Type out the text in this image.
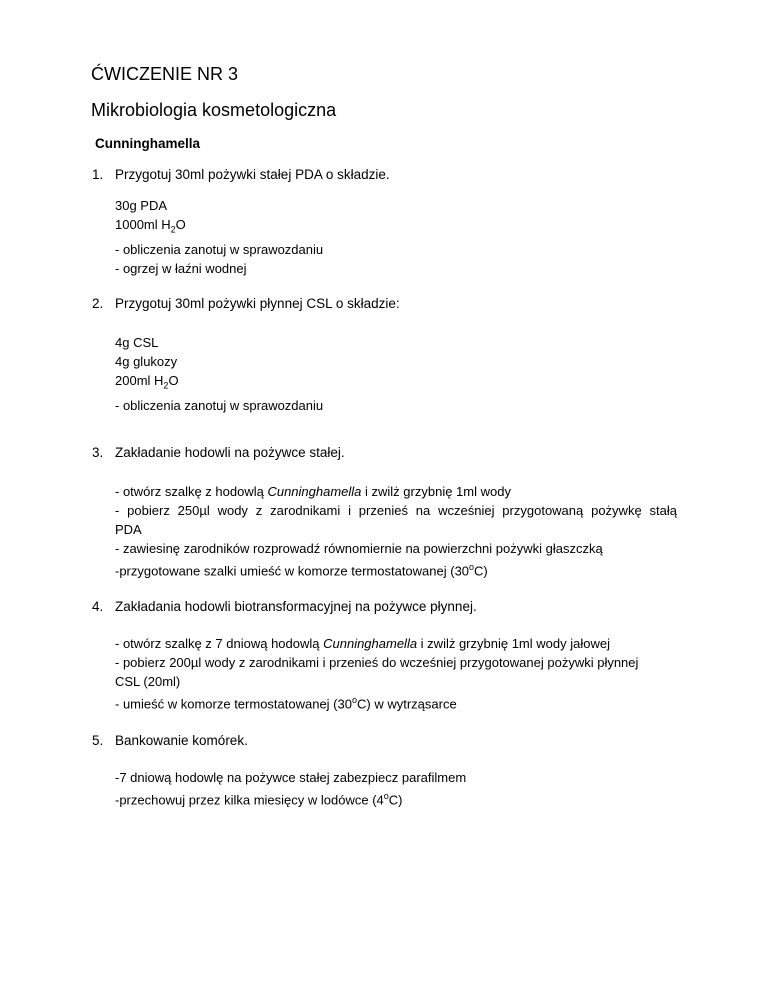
ĆWICZENIE NR 3
Mikrobiologia kosmetologiczna
Cunninghamella
1. Przygotuj 30ml pożywki stałej PDA o składzie.
30g PDA
1000ml $H_2O$
- obliczenia zanotuj w sprawozdaniu
- ogrzej w łaźni wodnej
2. Przygotuj 30ml pożywki płynnej CSL o składzie:
4g CSL
4g glukozy
200ml $H_2O$
- obliczenia zanotuj w sprawozdaniu
3. Zakładanie hodowli na pożywce stałej.
- otwórz szalkę z hodowlą Cunninghamella i zwilż grzybnię 1ml wody
- pobierz 250µl wody z zarodnikami i przenieś na wcześniej przygotowaną pożywkę stałą
PDA
- zawiesinę zarodników rozprowadź równomiernie na powierzchni pożywki głaszczką
-przygotowane szalki umieść w komorze termostatowanej (30$^o$C)
4. Zakładania hodowli biotransformacyjnej na pożywce płynnej.
- otwórz szalkę z 7 dniową hodowlą Cunninghamella i zwilż grzybnię 1ml wody jałowej
- pobierz 200µl wody z zarodnikami i przenieś do wcześniej przygotowanej pożywki płynnej
CSL (20ml)
- umieść w komorze termostatowanej (30$^o$C) w wytrząsarce
5. Bankowanie komórek.
-7 dniową hodowlę na pożywce stałej zabezpiecz parafilmem
-przechowuj przez kilka miesięcy w lodówce (4$^o$C)
